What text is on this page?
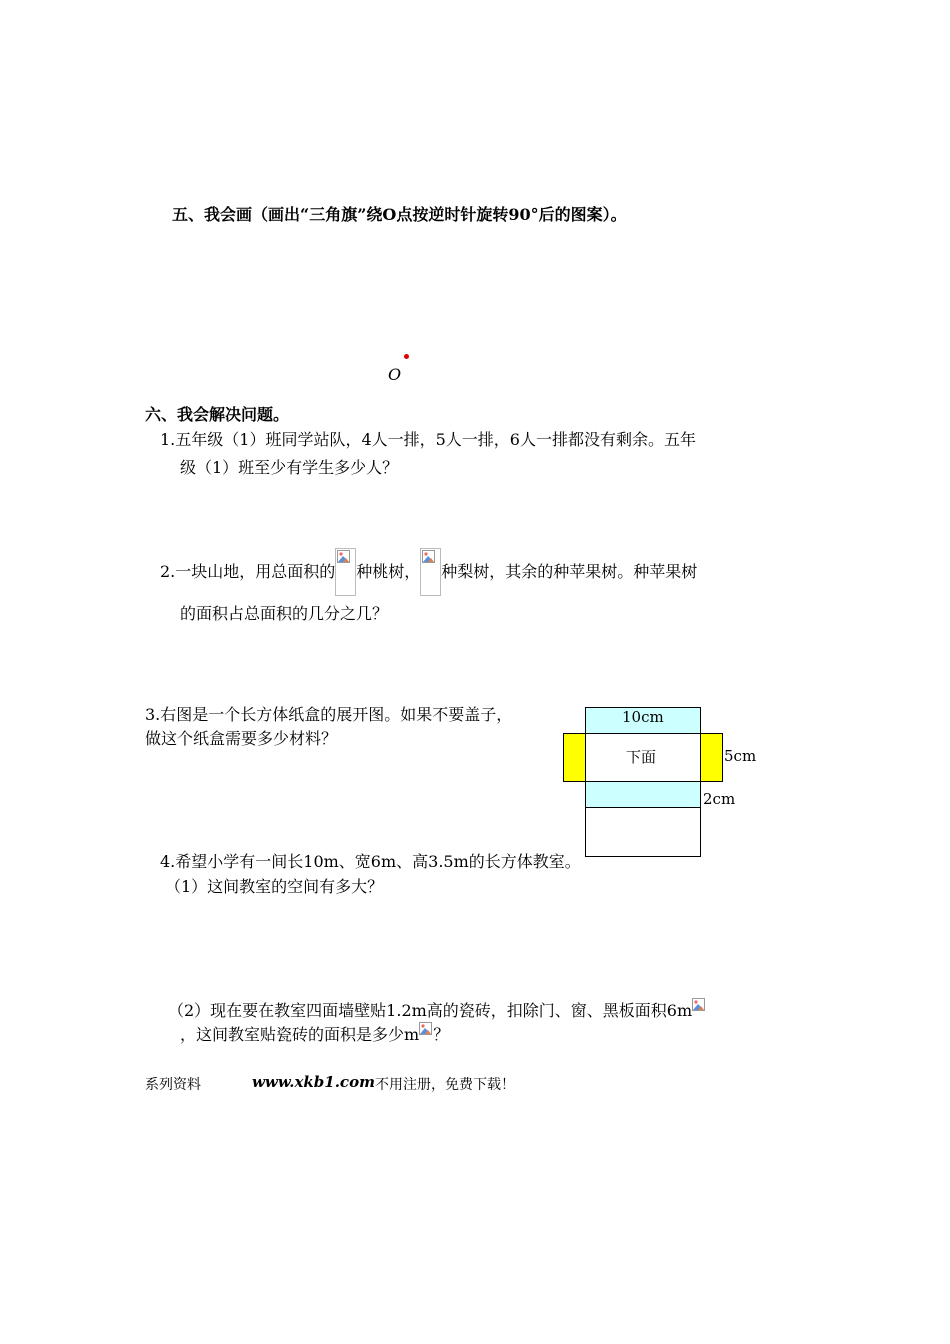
五、我会画（画出“三角旗”绕O点按逆时针旋转90°后的图案）。
O
六、我会解决问题。
1.五年级（1）班同学站队，4人一排，5人一排，6人一排都没有剩余。五年
级（1）班至少有学生多少人？
2.一块山地，用总面积的 种桃树， 种梨树，其余的种苹果树。种苹果树
的面积占总面积的几分之几？
3.右图是一个长方体纸盒的展开图。如果不要盖子，
做这个纸盒需要多少材料？
10cm
下面	5cm
2cm
4.希望小学有一间长10m、宽6m、高3.5m的长方体教室。
（1）这间教室的空间有多大？
（2）现在要在教室四面墙壁贴1.2m高的瓷砖，扣除门、窗、黑板面积6m
，这间教室贴瓷砖的面积是多少m ？
系列资料	www.xkb1.com 不用注册，免费下载！
